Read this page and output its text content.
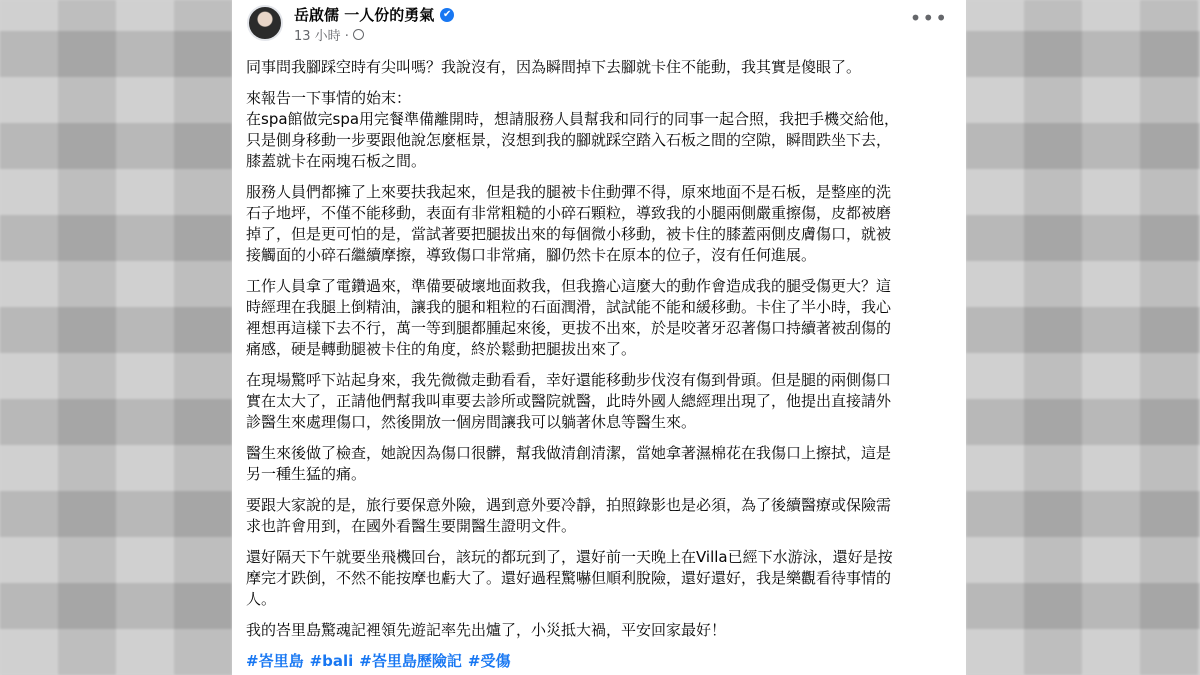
岳啟儒 一人份的勇氣 ✔
13 小時 ·
•••
同事問我腳踩空時有尖叫嗎？我說沒有，因為瞬間掉下去腳就卡住不能動，我其實是傻眼了。
來報告一下事情的始末：
在spa館做完spa用完餐準備離開時，想請服務人員幫我和同行的同事一起合照，我把手機交給他，
只是側身移動一步要跟他說怎麼框景，沒想到我的腳就踩空踏入石板之間的空隙，瞬間跌坐下去，
膝蓋就卡在兩塊石板之間。
服務人員們都擁了上來要扶我起來，但是我的腿被卡住動彈不得，原來地面不是石板，是整座的洗
石子地坪，不僅不能移動，表面有非常粗糙的小碎石顆粒，導致我的小腿兩側嚴重擦傷，皮都被磨
掉了，但是更可怕的是，當試著要把腿拔出來的每個微小移動，被卡住的膝蓋兩側皮膚傷口，就被
接觸面的小碎石繼續摩擦，導致傷口非常痛，腳仍然卡在原本的位子，沒有任何進展。
工作人員拿了電鑽過來，準備要破壞地面救我，但我擔心這麼大的動作會造成我的腿受傷更大？這
時經理在我腿上倒精油，讓我的腿和粗粒的石面潤滑，試試能不能和緩移動。卡住了半小時，我心
裡想再這樣下去不行，萬一等到腿都腫起來後，更拔不出來，於是咬著牙忍著傷口持續著被刮傷的
痛感，硬是轉動腿被卡住的角度，終於鬆動把腿拔出來了。
在現場驚呼下站起身來，我先微微走動看看，幸好還能移動步伐沒有傷到骨頭。但是腿的兩側傷口
實在太大了，正請他們幫我叫車要去診所或醫院就醫，此時外國人總經理出現了，他提出直接請外
診醫生來處理傷口，然後開放一個房間讓我可以躺著休息等醫生來。
醫生來後做了檢查，她說因為傷口很髒，幫我做清創清潔，當她拿著濕棉花在我傷口上擦拭，這是
另一種生猛的痛。
要跟大家說的是，旅行要保意外險，遇到意外要冷靜，拍照錄影也是必須，為了後續醫療或保險需
求也許會用到，在國外看醫生要開醫生證明文件。
還好隔天下午就要坐飛機回台，該玩的都玩到了，還好前一天晚上在Villa已經下水游泳，還好是按
摩完才跌倒，不然不能按摩也虧大了。還好過程驚嚇但順利脫險，還好還好，我是樂觀看待事情的
人。
我的峇里島驚魂記裡領先遊記率先出爐了，小災抵大禍，平安回家最好！
#峇里島 #bali #峇里島歷險記 #受傷
